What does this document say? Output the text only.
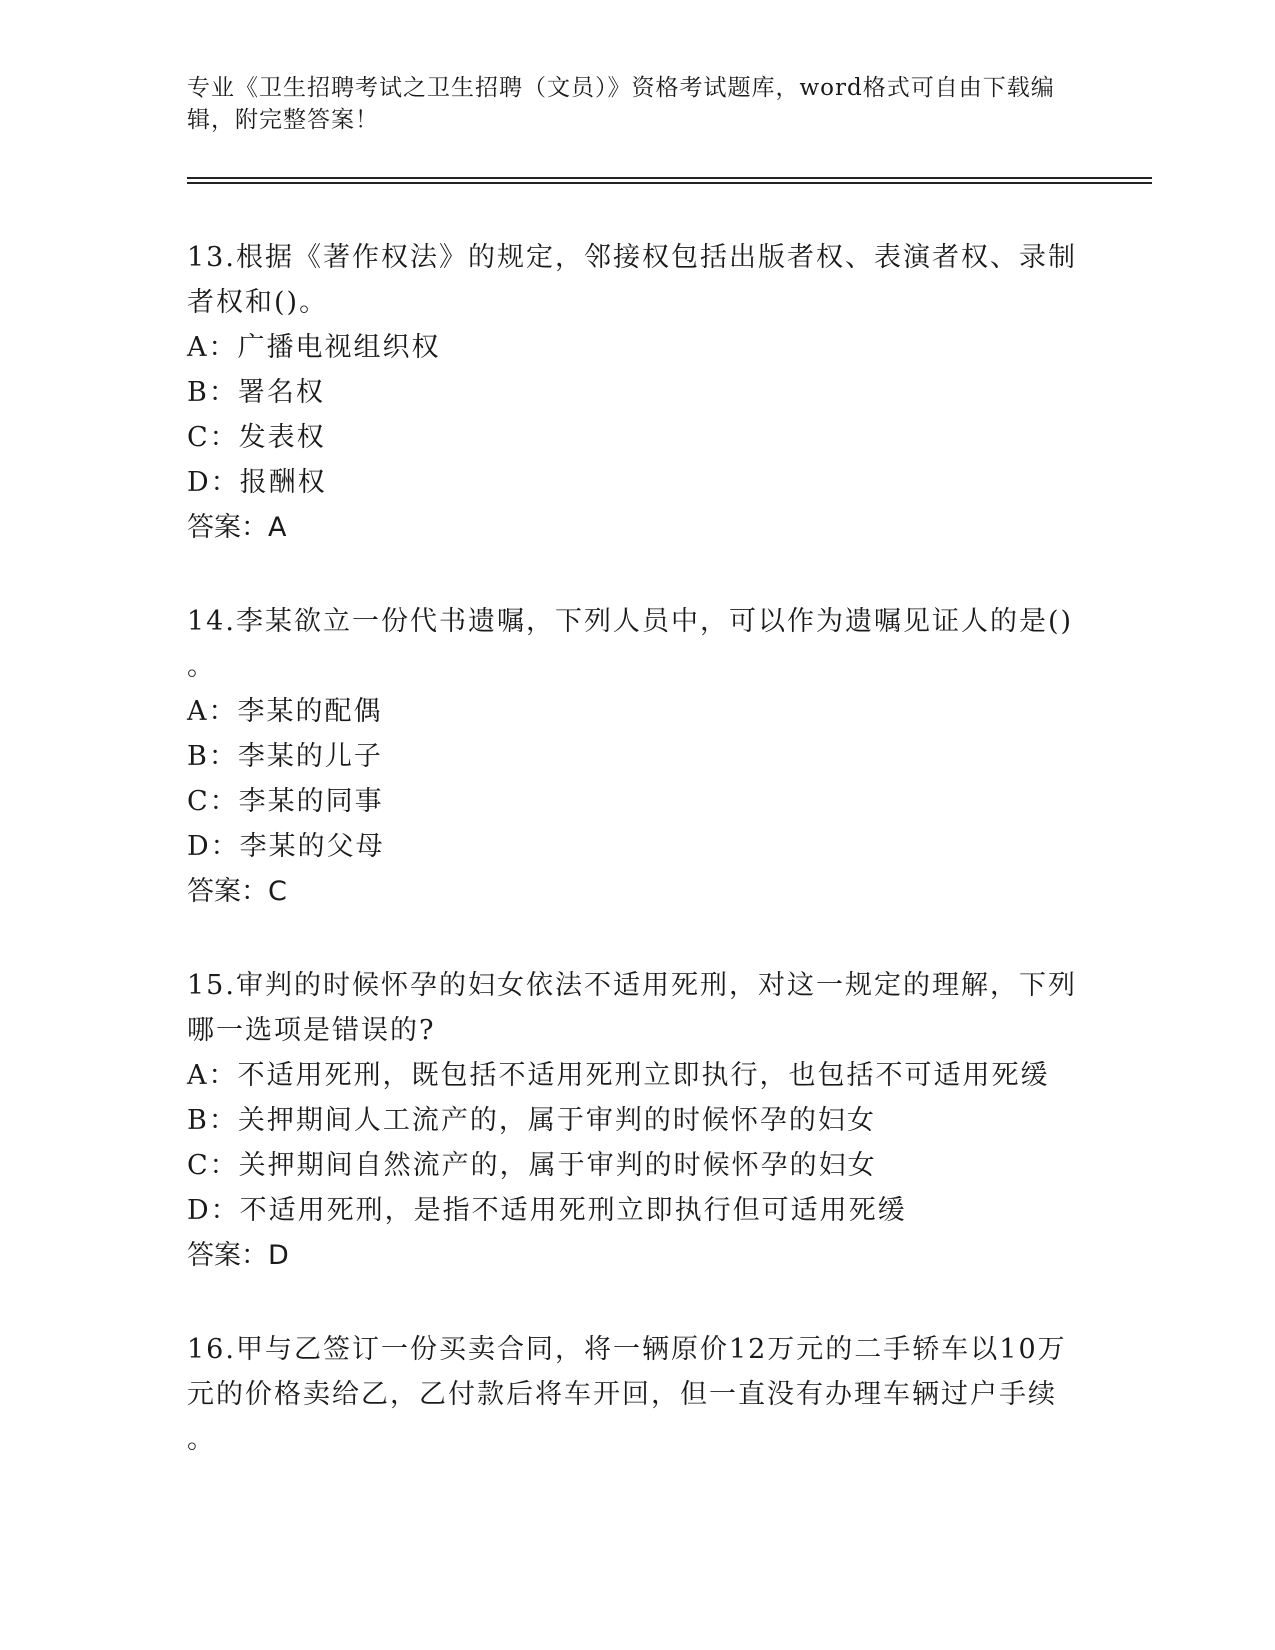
专业《卫生招聘考试之卫生招聘（文员）》资格考试题库，word格式可自由下载编辑，附完整答案！

13.根据《著作权法》的规定，邻接权包括出版者权、表演者权、录制

者权和()。

A：广播电视组织权

B：署名权

C：发表权

D：报酬权

答案：A

14.李某欲立一份代书遗嘱，下列人员中，可以作为遗嘱见证人的是()

。

A：李某的配偶

B：李某的儿子

C：李某的同事

D：李某的父母

答案：C

15.审判的时候怀孕的妇女依法不适用死刑，对这一规定的理解，下列

哪一选项是错误的?

A：不适用死刑，既包括不适用死刑立即执行，也包括不可适用死缓

B：关押期间人工流产的，属于审判的时候怀孕的妇女

C：关押期间自然流产的，属于审判的时候怀孕的妇女

D：不适用死刑，是指不适用死刑立即执行但可适用死缓

答案：D

16.甲与乙签订一份买卖合同，将一辆原价12万元的二手轿车以10万

元的价格卖给乙，乙付款后将车开回，但一直没有办理车辆过户手续

。
